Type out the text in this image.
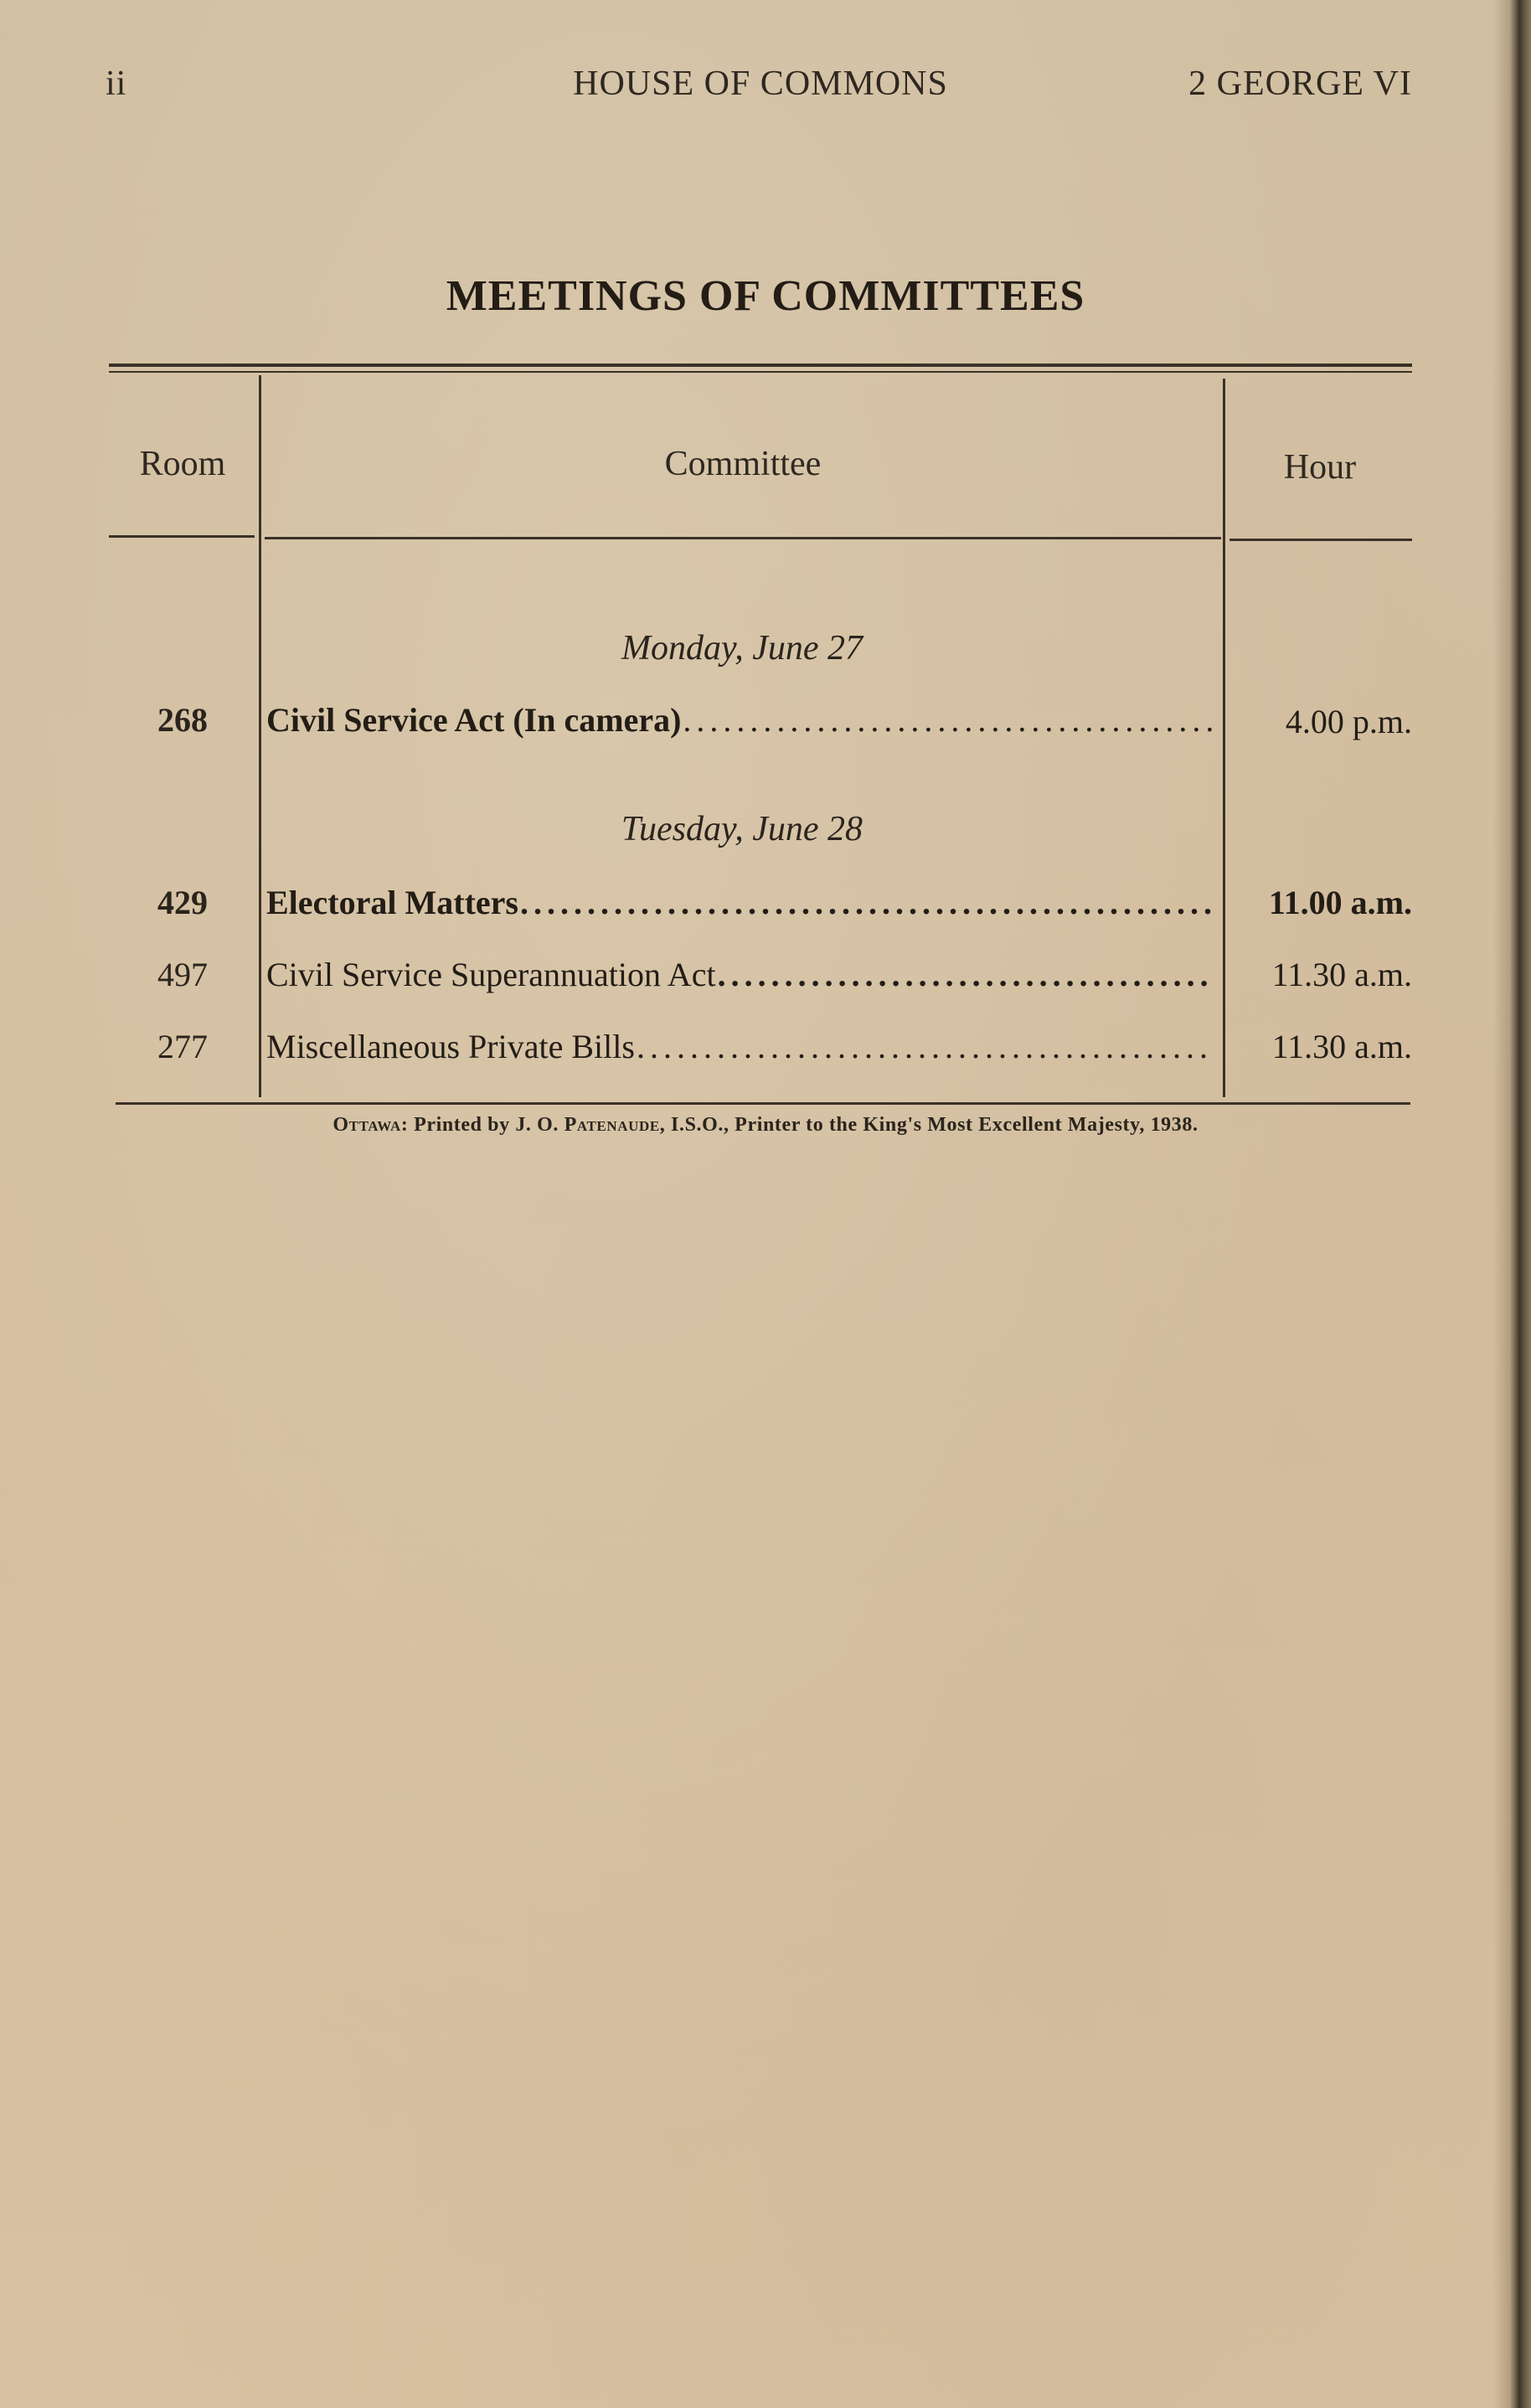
ii	HOUSE OF COMMONS	2 GEORGE VI
MEETINGS OF COMMITTEES
Room	Committee	Hour
Monday, June 27
268	Civil Service Act (In camera) . . .	4.00 p.m.
Tuesday, June 28
429	Electoral Matters . . .	11.00 a.m.
497	Civil Service Superannuation Act . . .	11.30 a.m.
277	Miscellaneous Private Bills . . .	11.30 a.m.
Ottawa: Printed by J. O. Patenaude, I.S.O., Printer to the King's Most Excellent Majesty, 1938.
